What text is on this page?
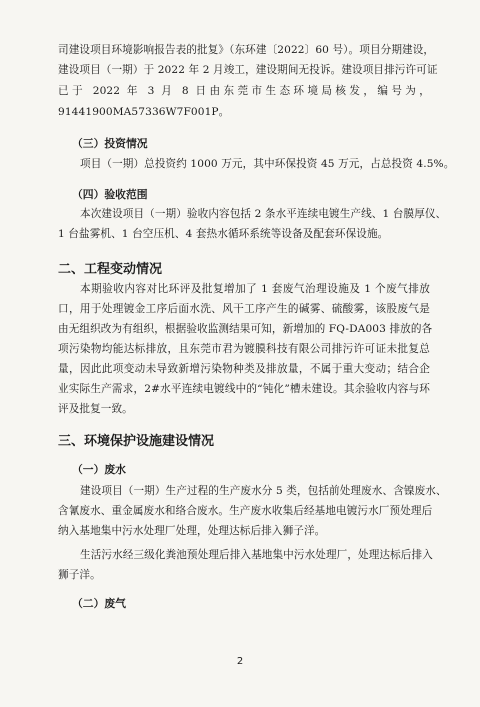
司建设项目环境影响报告表的批复》（东环建〔2022〕60 号）。项目分期建设，
建设项目（一期）于 2022 年 2 月竣工，建设期间无投诉。建设项目排污许可证
已于 2022 年 3 月 8 日由东莞市生态环境局核发，编号为，
91441900MA57336W7F001P。
（三）投资情况
项目（一期）总投资约 1000 万元，其中环保投资 45 万元，占总投资 4.5%。
（四）验收范围
本次建设项目（一期）验收内容包括 2 条水平连续电镀生产线、1 台膜厚仪、
1 台盐雾机、1 台空压机、4 套热水循环系统等设备及配套环保设施。
二、工程变动情况
本期验收内容对比环评及批复增加了 1 套废气治理设施及 1 个废气排放
口，用于处理镀金工序后面水洗、风干工序产生的碱雾、硫酸雾，该股废气是
由无组织改为有组织，根据验收监测结果可知，新增加的 FQ-DA003 排放的各
项污染物均能达标排放，且东莞市君为镀膜科技有限公司排污许可证未批复总
量，因此此项变动未导致新增污染物种类及排放量，不属于重大变动；结合企
业实际生产需求，2#水平连续电镀线中的“钝化”槽未建设。其余验收内容与环
评及批复一致。
三、环境保护设施建设情况
（一）废水
建设项目（一期）生产过程的生产废水分 5 类，包括前处理废水、含镍废水、
含氰废水、重金属废水和络合废水。生产废水收集后经基地电镀污水厂预处理后
纳入基地集中污水处理厂处理，处理达标后排入狮子洋。
生活污水经三级化粪池预处理后排入基地集中污水处理厂，处理达标后排入
狮子洋。
（二）废气
2
